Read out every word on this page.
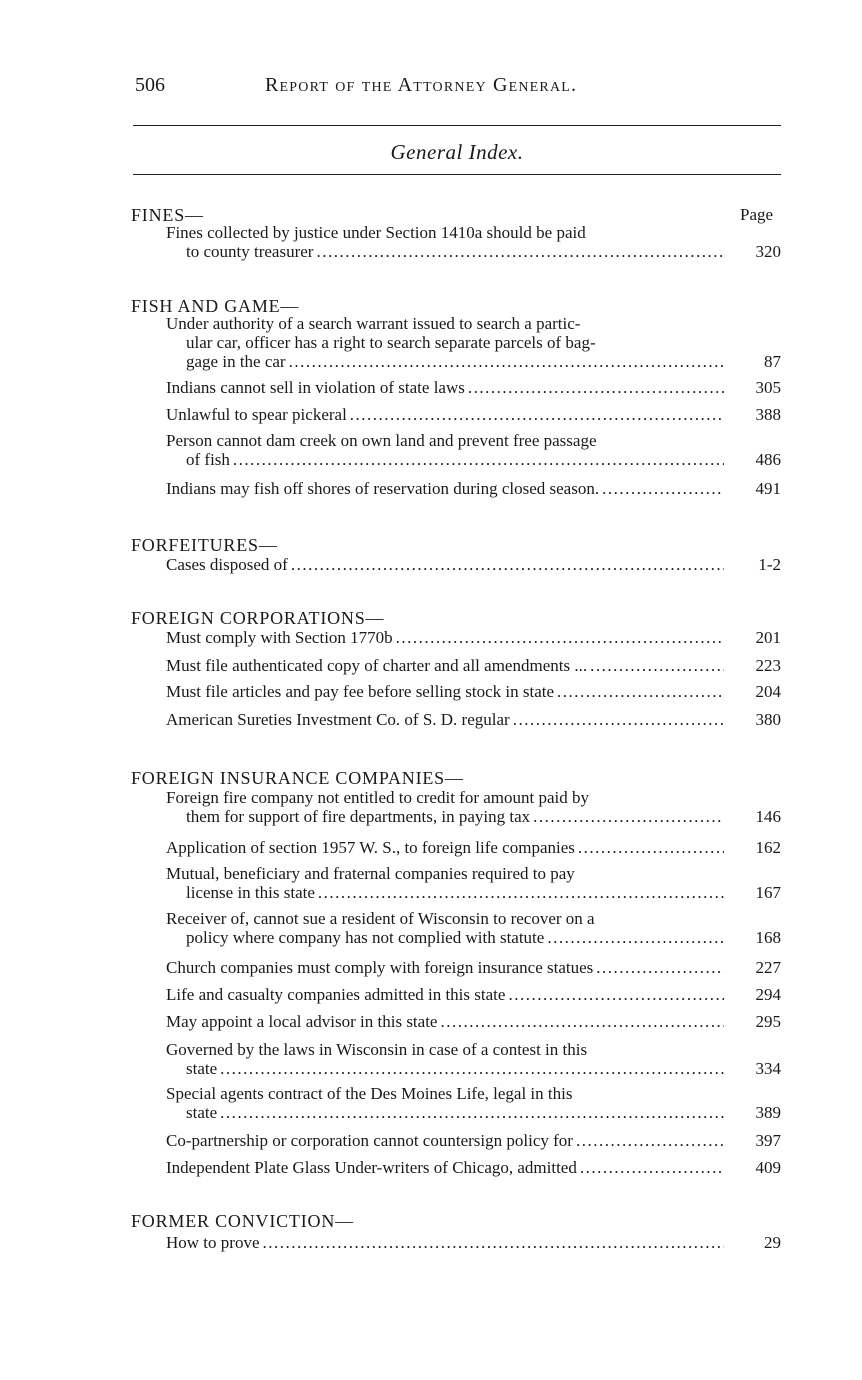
506	Report of the Attorney General.
General Index.
Page
FINES—
Fines collected by justice under Section 1410a should be paid
to county treasurer .....	320
FISH AND GAME—
Under authority of a search warrant issued to search a partic-
ular car, officer has a right to search separate parcels of bag-
gage in the car .....	87
Indians cannot sell in violation of state laws .....	305
Unlawful to spear pickeral .....	388
Person cannot dam creek on own land and prevent free passage
of fish .....	486
Indians may fish off shores of reservation during closed season. .....	491
FORFEITURES—
Cases disposed of .....	1-2
FOREIGN CORPORATIONS—
Must comply with Section 1770b .....	201
Must file authenticated copy of charter and all amendments ... .....	223
Must file articles and pay fee before selling stock in state .....	204
American Sureties Investment Co. of S. D. regular .....	380
FOREIGN INSURANCE COMPANIES—
Foreign fire company not entitled to credit for amount paid by
them for support of fire departments, in paying tax .....	146
Application of section 1957 W. S., to foreign life companies .....	162
Mutual, beneficiary and fraternal companies required to pay
license in this state .....	167
Receiver of, cannot sue a resident of Wisconsin to recover on a
policy where company has not complied with statute .....	168
Church companies must comply with foreign insurance statues .....	227
Life and casualty companies admitted in this state .....	294
May appoint a local advisor in this state .....	295
Governed by the laws in Wisconsin in case of a contest in this
state .....	334
Special agents contract of the Des Moines Life, legal in this
state .....	389
Co-partnership or corporation cannot countersign policy for .....	397
Independent Plate Glass Under-writers of Chicago, admitted .....	409
FORMER CONVICTION—
How to prove .....	29
